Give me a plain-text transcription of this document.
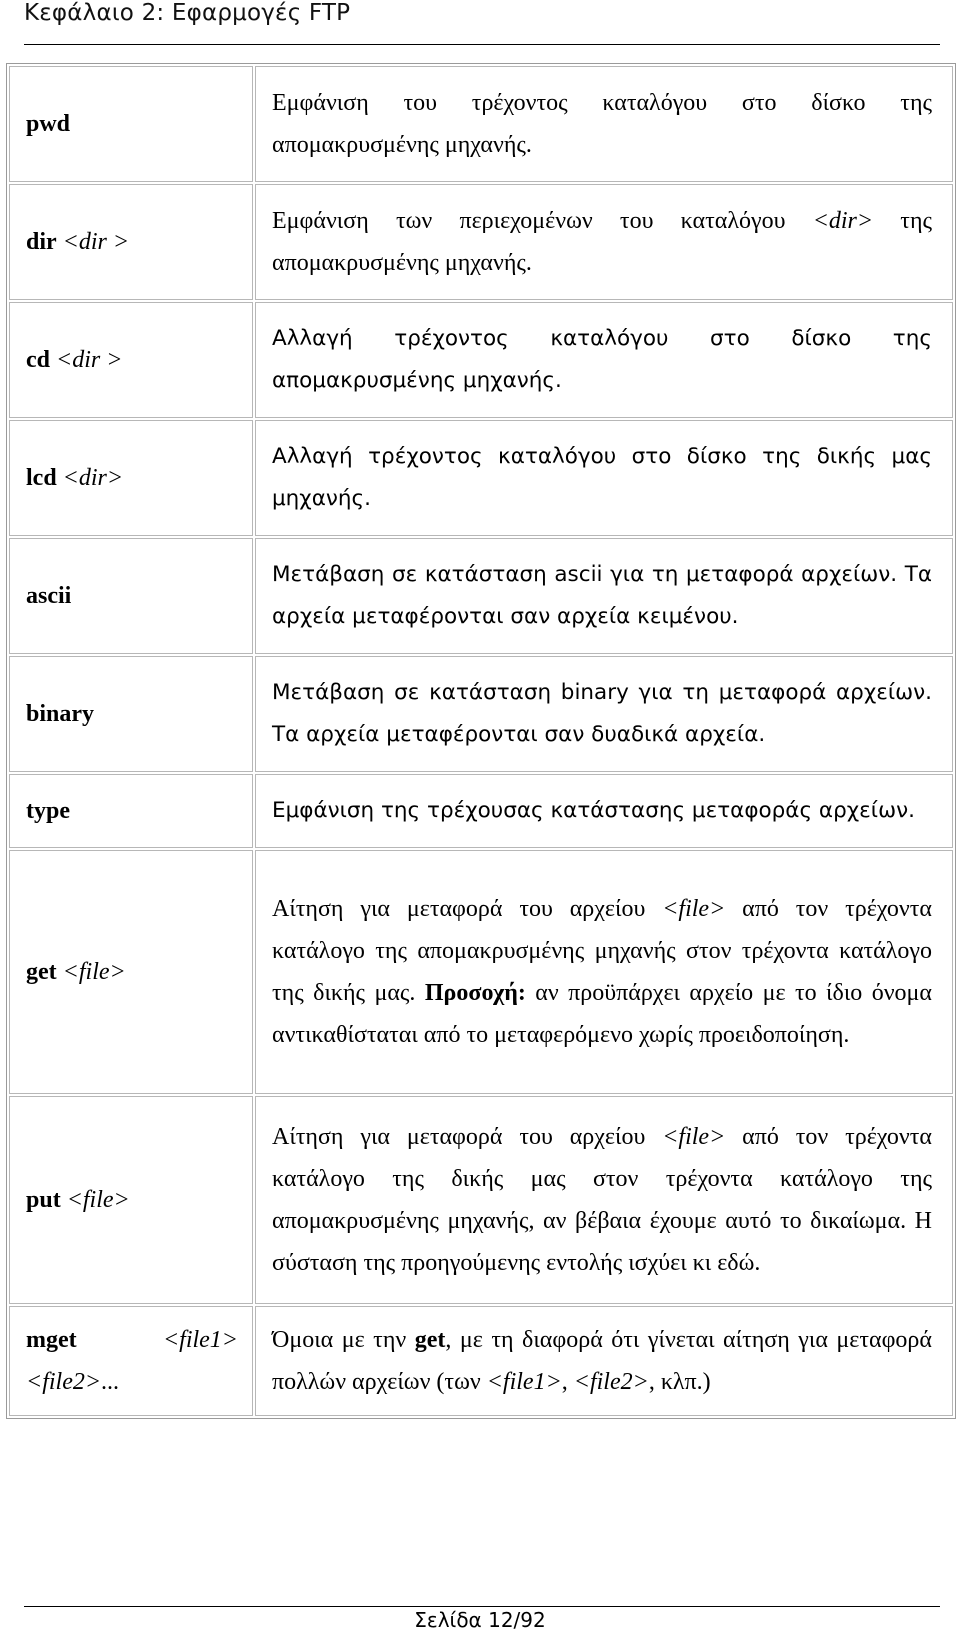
Κεφάλαιο 2: Εφαρμογές FTP
pwd	Εμφάνιση του τρέχοντος καταλόγου στο δίσκο της απομακρυσμένης μηχανής.
dir <dir >	Εμφάνιση των περιεχομένων του καταλόγου <dir> της απομακρυσμένης μηχανής.
cd <dir >	Αλλαγή τρέχοντος καταλόγου στο δίσκο της απομακρυσμένης μηχανής.
lcd <dir>	Αλλαγή τρέχοντος καταλόγου στο δίσκο της δικής μας μηχανής.
ascii	Μετάβαση σε κατάσταση ascii για τη μεταφορά αρχείων. Τα αρχεία μεταφέρονται σαν αρχεία κειμένου.
binary	Μετάβαση σε κατάσταση binary για τη μεταφορά αρχείων. Τα αρχεία μεταφέρονται σαν δυαδικά αρχεία.
type	Εμφάνιση της τρέχουσας κατάστασης μεταφοράς αρχείων.
get <file>	Αίτηση για μεταφορά του αρχείου <file> από τον τρέχοντα κατάλογο της απομακρυσμένης μηχανής στον τρέχοντα κατάλογο της δικής μας. Προσοχή: αν προϋπάρχει αρχείο με το ίδιο όνομα αντικαθίσταται από το μεταφερόμενο χωρίς προειδοποίηση.
put <file>	Αίτηση για μεταφορά του αρχείου <file> από τον τρέχοντα κατάλογο της δικής μας στον τρέχοντα κατάλογο της απομακρυσμένης μηχανής, αν βέβαια έχουμε αυτό το δικαίωμα. Η σύσταση της προηγούμενης εντολής ισχύει κι εδώ.

mget <file1>
<file2>...	Όμοια με την get, με τη διαφορά ότι γίνεται αίτηση για μεταφορά πολλών αρχείων (των <file1>, <file2>, κλπ.)
Σελίδα 12/92
